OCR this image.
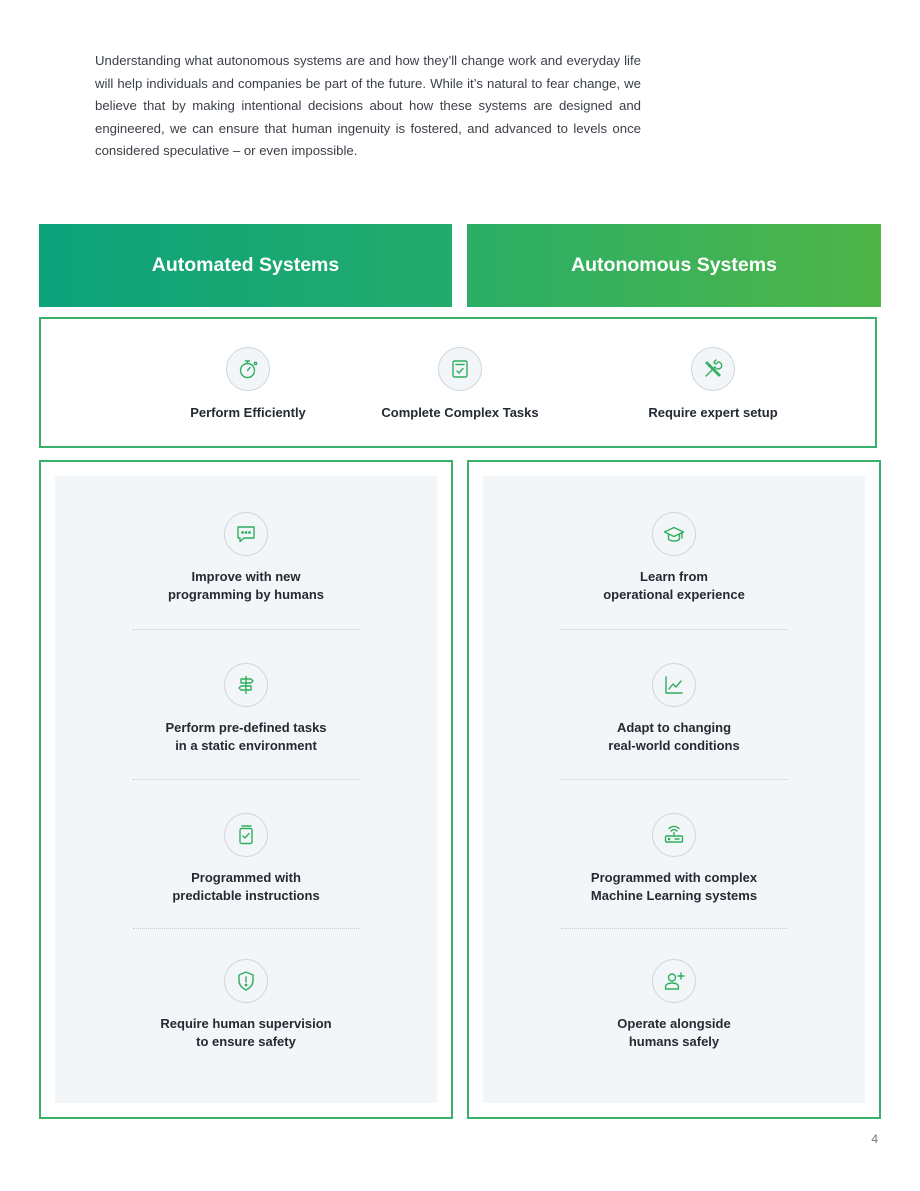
Understanding what autonomous systems are and how they’ll change work and everyday life will help individuals and companies be part of the future. While it’s natural to fear change, we believe that by making intentional decisions about how these systems are designed and engineered, we can ensure that human ingenuity is fostered, and advanced to levels once considered speculative – or even impossible.

Automated Systems	Autonomous Systems
Perform Efficiently	Complete Complex Tasks	Require expert setup
Improve with new
programming by humans
Perform pre-defined tasks
in a static environment
Programmed with
predictable instructions
Require human supervision
to ensure safety
Learn from
operational experience
Adapt to changing
real-world conditions
Programmed with complex
Machine Learning systems
Operate alongside
humans safely
4
